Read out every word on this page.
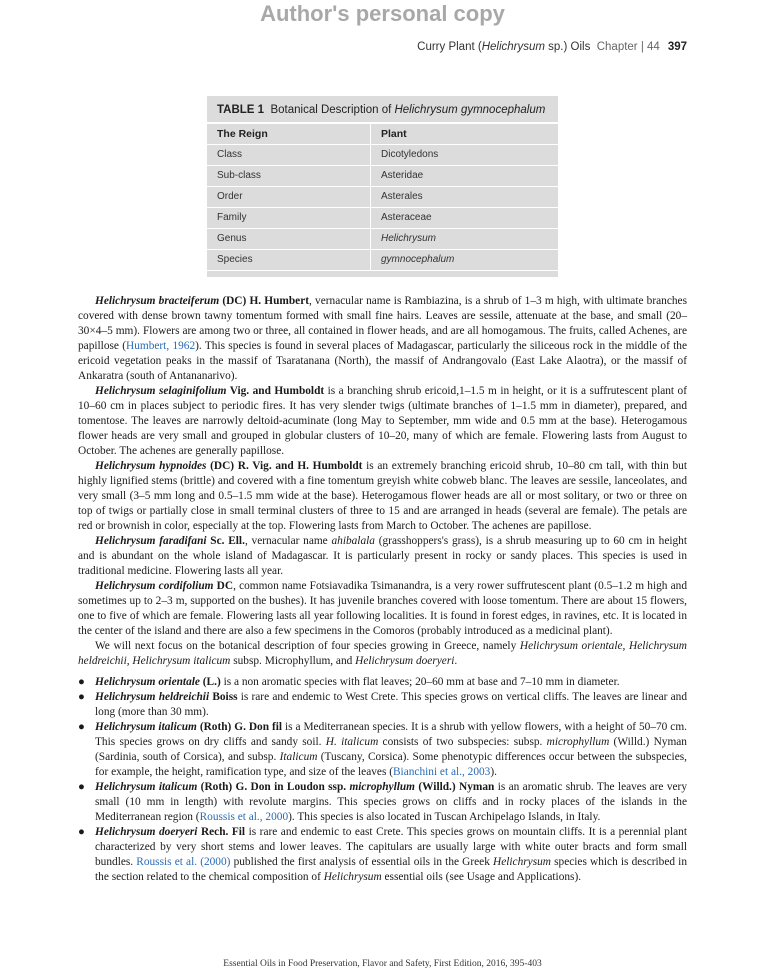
Author's personal copy
Curry Plant (Helichrysum sp.) Oils Chapter | 44 397
TABLE 1 Botanical Description of Helichrysum gymnocephalum
The Reign	Plant
Class	Dicotyledons
Sub-class	Asteridae
Order	Asterales
Family	Asteraceae
Genus	Helichrysum
Species	gymnocephalum

Helichrysum bracteiferum (DC) H. Humbert, vernacular name is Rambiazina, is a shrub of 1–3 m high, with ultimate branches covered with dense brown tawny tomentum formed with small fine hairs. Leaves are sessile, attenuate at the base, and small (20–30×4–5 mm). Flowers are among two or three, all contained in flower heads, and are all homogamous. The fruits, called Achenes, are papillose (Humbert, 1962). This species is found in several places of Madagascar, particularly the siliceous rock in the middle of the ericoid vegetation peaks in the massif of Tsaratanana (North), the massif of Andrangovalo (East Lake Alaotra), or the massif of Ankaratra (south of Antananarivo).

Helichrysum selaginifolium Vig. and Humboldt is a branching shrub ericoid,1–1.5 m in height, or it is a suffrutescent plant of 10–60 cm in places subject to periodic fires. It has very slender twigs (ultimate branches of 1–1.5 mm in diameter), prepared, and tomentose. The leaves are narrowly deltoid-acuminate (long May to September, mm wide and 0.5 mm at the base). Heterogamous flower heads are very small and grouped in globular clusters of 10–20, many of which are female. Flowering lasts from August to October. The achenes are generally papillose.

Helichrysum hypnoides (DC) R. Vig. and H. Humboldt is an extremely branching ericoid shrub, 10–80 cm tall, with thin but highly lignified stems (brittle) and covered with a fine tomentum greyish white cobweb blanc. The leaves are sessile, lanceolates, and very small (3–5 mm long and 0.5–1.5 mm wide at the base). Heterogamous flower heads are all or most solitary, or two or three on top of twigs or partially close in small terminal clusters of three to 15 and are arranged in heads (several are female). The petals are red or brownish in color, especially at the top. Flowering lasts from March to October. The achenes are papillose.

Helichrysum faradifani Sc. Ell., vernacular name ahibalala (grasshoppers's grass), is a shrub measuring up to 60 cm in height and is abundant on the whole island of Madagascar. It is particularly present in rocky or sandy places. This species is used in traditional medicine. Flowering lasts all year.

Helichrysum cordifolium DC, common name Fotsiavadika Tsimanandra, is a very rower suffrutescent plant (0.5–1.2 m high and sometimes up to 2–3 m, supported on the bushes). It has juvenile branches covered with loose tomentum. There are about 15 flowers, one to five of which are female. Flowering lasts all year following localities. It is found in forest edges, in ravines, etc. It is located in the center of the island and there are also a few specimens in the Comoros (probably introduced as a medicinal plant).

We will next focus on the botanical description of four species growing in Greece, namely Helichrysum orientale, Helichrysum heldreichii, Helichrysum italicum subsp. Microphyllum, and Helichrysum doeryeri.

● Helichrysum orientale (L.) is a non aromatic species with flat leaves; 20–60 mm at base and 7–10 mm in diameter.
● Helichrysum heldreichii Boiss is rare and endemic to West Crete. This species grows on vertical cliffs. The leaves are linear and long (more than 30 mm).
● Helichrysum italicum (Roth) G. Don fil is a Mediterranean species. It is a shrub with yellow flowers, with a height of 50–70 cm. This species grows on dry cliffs and sandy soil. H. italicum consists of two subspecies: subsp. microphyllum (Willd.) Nyman (Sardinia, south of Corsica), and subsp. Italicum (Tuscany, Corsica). Some phenotypic differences occur between the subspecies, for example, the height, ramification type, and size of the leaves (Bianchini et al., 2003).
● Helichrysum italicum (Roth) G. Don in Loudon ssp. microphyllum (Willd.) Nyman is an aromatic shrub. The leaves are very small (10 mm in length) with revolute margins. This species grows on cliffs and in rocky places of the islands in the Mediterranean region (Roussis et al., 2000). This species is also located in Tuscan Archipelago Islands, in Italy.
● Helichrysum doeryeri Rech. Fil is rare and endemic to east Crete. This species grows on mountain cliffs. It is a perennial plant characterized by very short stems and lower leaves. The capitulars are usually large with white outer bracts and form small bundles. Roussis et al. (2000) published the first analysis of essential oils in the Greek Helichrysum species which is described in the section related to the chemical composition of Helichrysum essential oils (see Usage and Applications).
Essential Oils in Food Preservation, Flavor and Safety, First Edition, 2016, 395-403
